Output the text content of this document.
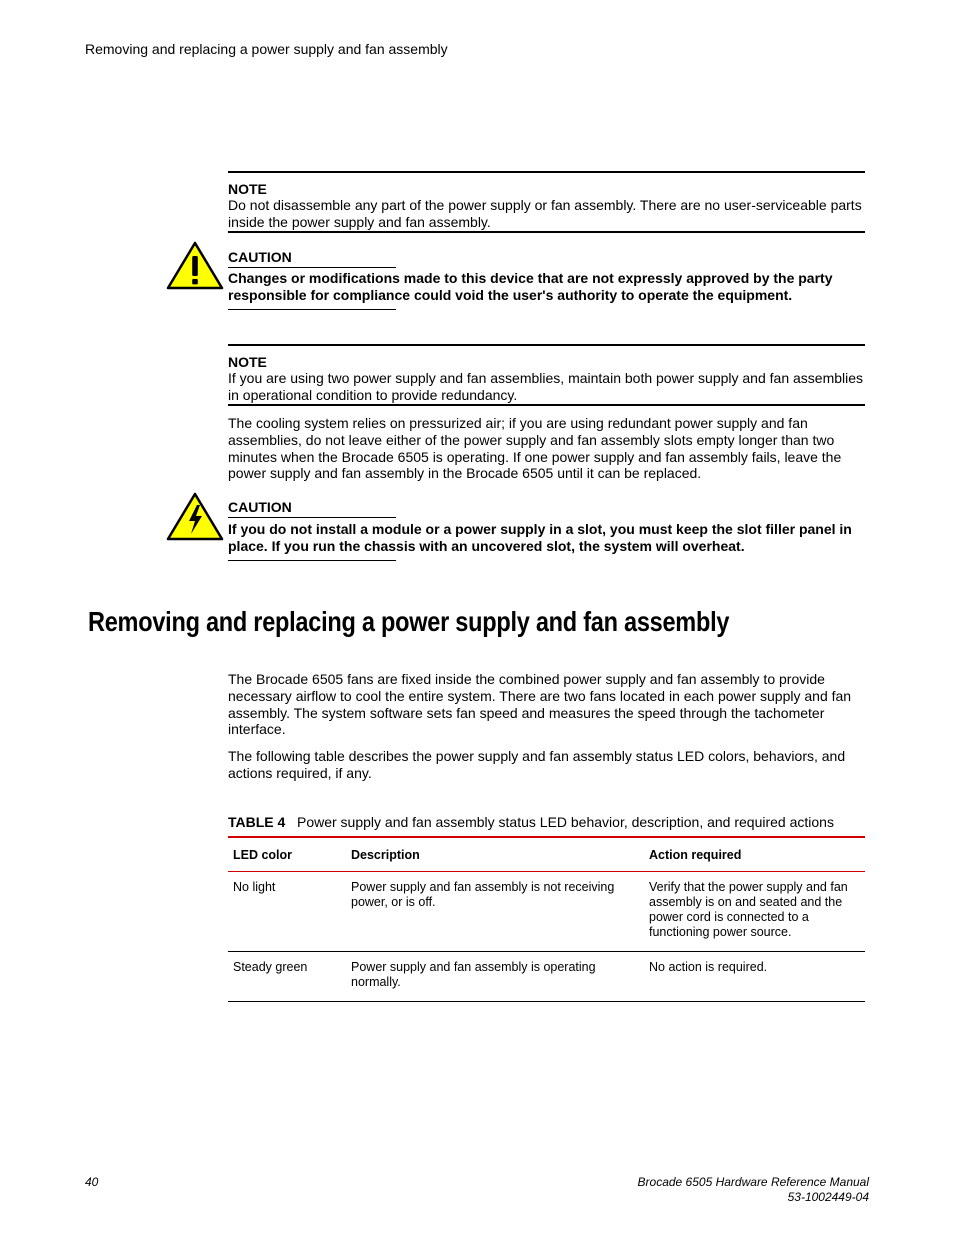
Removing and replacing a power supply and fan assembly
NOTE
Do not disassemble any part of the power supply or fan assembly. There are no user-serviceable parts inside the power supply and fan assembly.
CAUTION
Changes or modifications made to this device that are not expressly approved by the party responsible for compliance could void the user's authority to operate the equipment.
NOTE
If you are using two power supply and fan assemblies, maintain both power supply and fan assemblies in operational condition to provide redundancy.
The cooling system relies on pressurized air; if you are using redundant power supply and fan assemblies, do not leave either of the power supply and fan assembly slots empty longer than two minutes when the Brocade 6505 is operating. If one power supply and fan assembly fails, leave the power supply and fan assembly in the Brocade 6505 until it can be replaced.
CAUTION
If you do not install a module or a power supply in a slot, you must keep the slot filler panel in place. If you run the chassis with an uncovered slot, the system will overheat.
Removing and replacing a power supply and fan assembly
The Brocade 6505 fans are fixed inside the combined power supply and fan assembly to provide necessary airflow to cool the entire system. There are two fans located in each power supply and fan assembly. The system software sets fan speed and measures the speed through the tachometer interface.
The following table describes the power supply and fan assembly status LED colors, behaviors, and actions required, if any.
TABLE 4 Power supply and fan assembly status LED behavior, description, and required actions
LED color	Description	Action required
No light	Power supply and fan assembly is not receiving power, or is off.	Verify that the power supply and fan assembly is on and seated and the power cord is connected to a functioning power source.
Steady green	Power supply and fan assembly is operating normally.	No action is required.
40	Brocade 6505 Hardware Reference Manual
53-1002449-04
